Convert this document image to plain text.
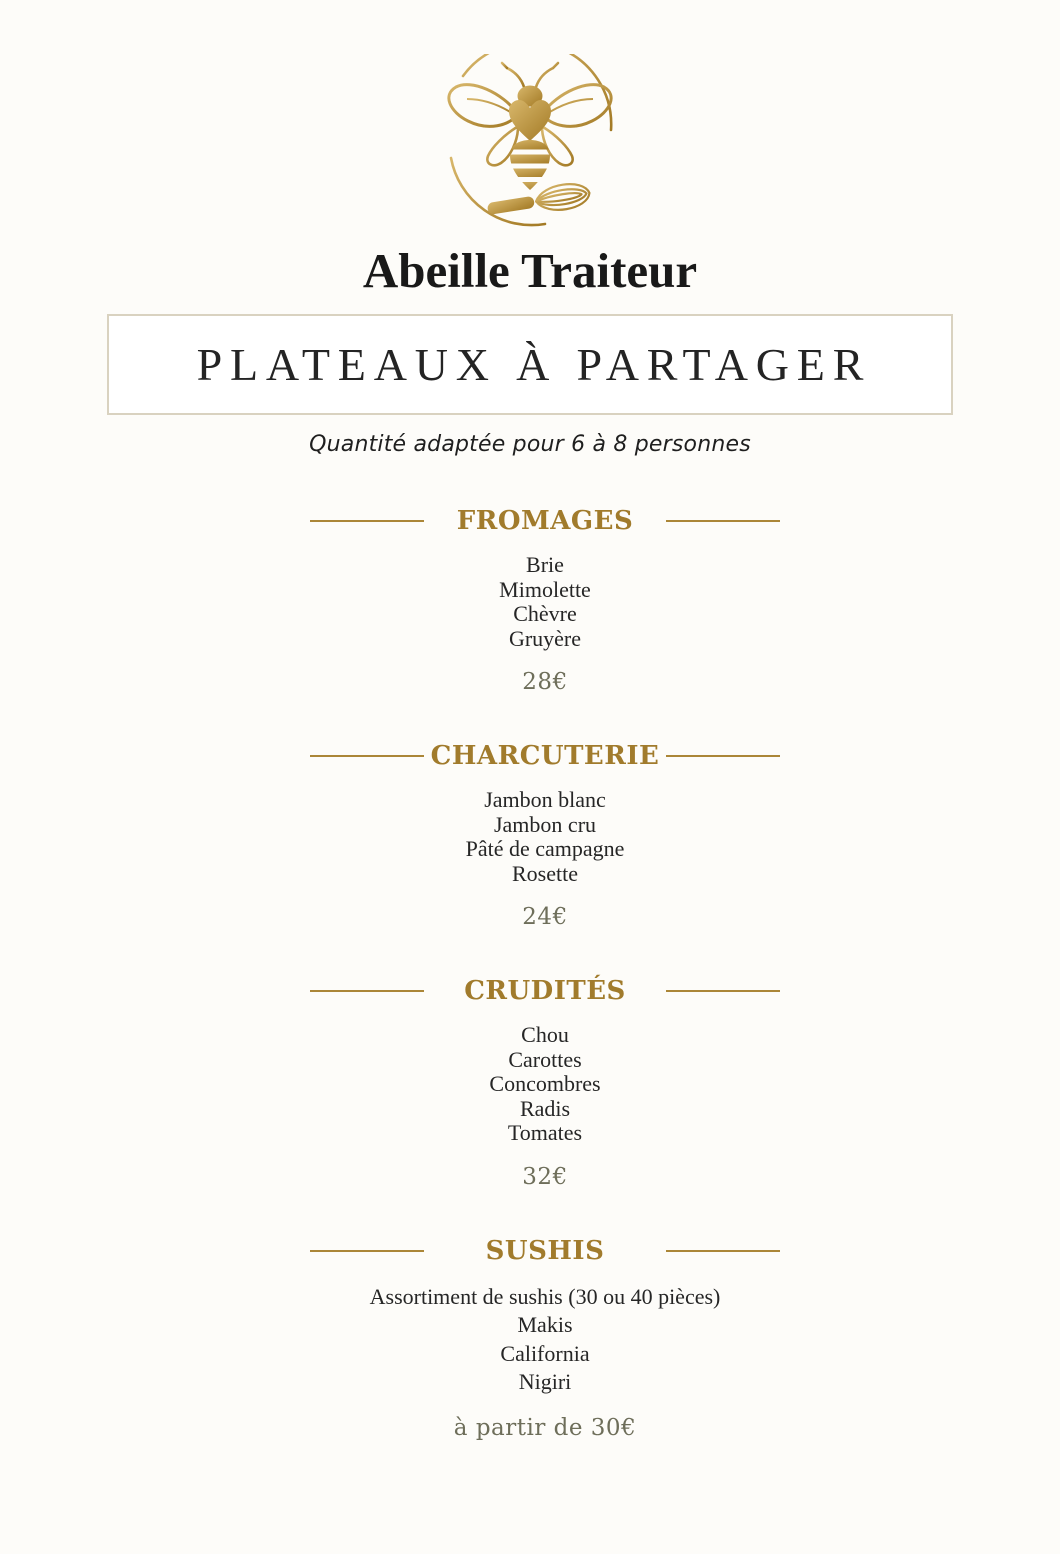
Abeille Traiteur
PLATEAUX À PARTAGER
Quantité adaptée pour 6 à 8 personnes
FROMAGES
Brie
Mimolette
Chèvre
Gruyère
28€
CHARCUTERIE
Jambon blanc
Jambon cru
Pâté de campagne
Rosette
24€
CRUDITÉS
Chou
Carottes
Concombres
Radis
Tomates
32€
SUSHIS
Assortiment de sushis (30 ou 40 pièces)
Makis
California
Nigiri
à partir de 30€
